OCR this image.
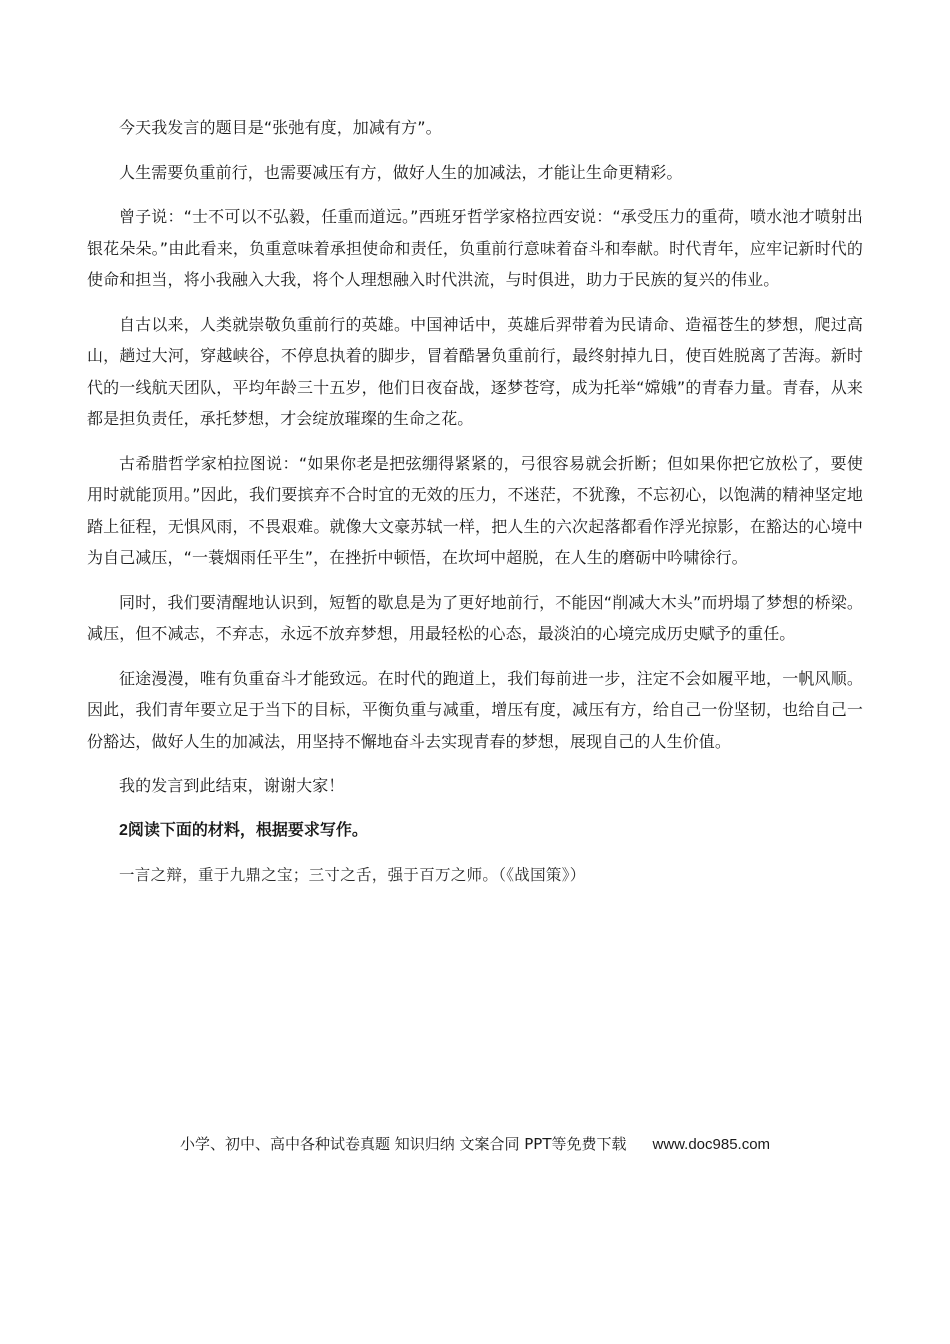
今天我发言的题目是“张弛有度，加减有方”。

人生需要负重前行，也需要减压有方，做好人生的加减法，才能让生命更精彩。

曾子说：“士不可以不弘毅，任重而道远。”西班牙哲学家格拉西安说：“承受压力的重荷，喷水池才喷射出银花朵朵。”由此看来，负重意味着承担使命和责任，负重前行意味着奋斗和奉献。时代青年，应牢记新时代的使命和担当，将小我融入大我，将个人理想融入时代洪流，与时俱进，助力于民族的复兴的伟业。

自古以来，人类就崇敬负重前行的英雄。中国神话中，英雄后羿带着为民请命、造福苍生的梦想，爬过高山，趟过大河，穿越峡谷，不停息执着的脚步，冒着酷暑负重前行，最终射掉九日，使百姓脱离了苦海。新时代的一线航天团队，平均年龄三十五岁，他们日夜奋战，逐梦苍穹，成为托举“嫦娥”的青春力量。青春，从来都是担负责任，承托梦想，才会绽放璀璨的生命之花。

古希腊哲学家柏拉图说：“如果你老是把弦绷得紧紧的，弓很容易就会折断；但如果你把它放松了，要使用时就能顶用。”因此，我们要摈弃不合时宜的无效的压力，不迷茫，不犹豫，不忘初心，以饱满的精神坚定地踏上征程，无惧风雨，不畏艰难。就像大文豪苏轼一样，把人生的六次起落都看作浮光掠影，在豁达的心境中为自己减压，“一蓑烟雨任平生”，在挫折中顿悟，在坎坷中超脱，在人生的磨砺中吟啸徐行。

同时，我们要清醒地认识到，短暂的歇息是为了更好地前行，不能因“削减大木头”而坍塌了梦想的桥梁。减压，但不减志，不弃志，永远不放弃梦想，用最轻松的心态，最淡泊的心境完成历史赋予的重任。

征途漫漫，唯有负重奋斗才能致远。在时代的跑道上，我们每前进一步，注定不会如履平地，一帆风顺。因此，我们青年要立足于当下的目标，平衡负重与减重，增压有度，减压有方，给自己一份坚韧，也给自己一份豁达，做好人生的加减法，用坚持不懈地奋斗去实现青春的梦想，展现自己的人生价值。

我的发言到此结束，谢谢大家！

2阅读下面的材料，根据要求写作。

一言之辩，重于九鼎之宝；三寸之舌，强于百万之师。（《战国策》）

小学、初中、高中各种试卷真题 知识归纳 文案合同 PPT等免费下载 www.doc985.com
